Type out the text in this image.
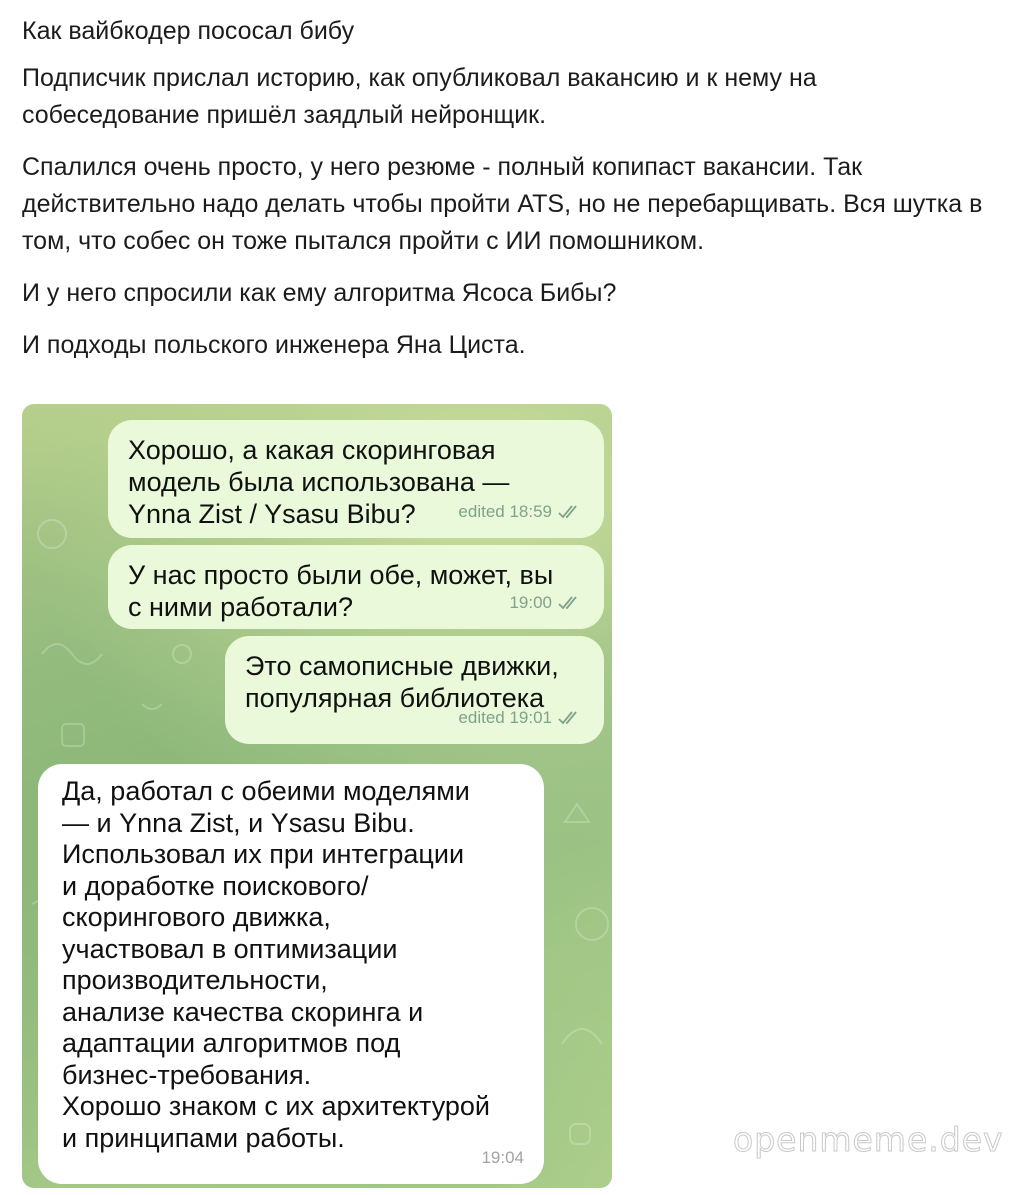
Как вайбкодер пососал бибу

Подписчик прислал историю, как опубликовал вакансию и к нему на собеседование пришёл заядлый нейронщик.

Спалился очень просто, у него резюме - полный копипаст вакансии. Так действительно надо делать чтобы пройти ATS, но не перебарщивать. Вся шутка в том, что собес он тоже пытался пройти с ИИ помошником.

И у него спросили как ему алгоритма Ясоса Бибы?

И подходы польского инженера Яна Циста.

Хорошо, а какая скоринговая
модель была использована —
Ynna Zist / Ysasu Bibu?	edited 18:59
У нас просто были обе, может, вы
с ними работали?	19:00
Это самописные движки,
популярная библиотека
edited 19:01
Да, работал с обеими моделями
— и Ynna Zist, и Ysasu Bibu.
Использовал их при интеграции
и доработке поискового/
скорингового движка,
участвовал в оптимизации
производительности,
анализе качества скоринга и
адаптации алгоритмов под
бизнес-требования.
Хорошо знаком с их архитектурой
и принципами работы.
19:04	openmeme.dev
